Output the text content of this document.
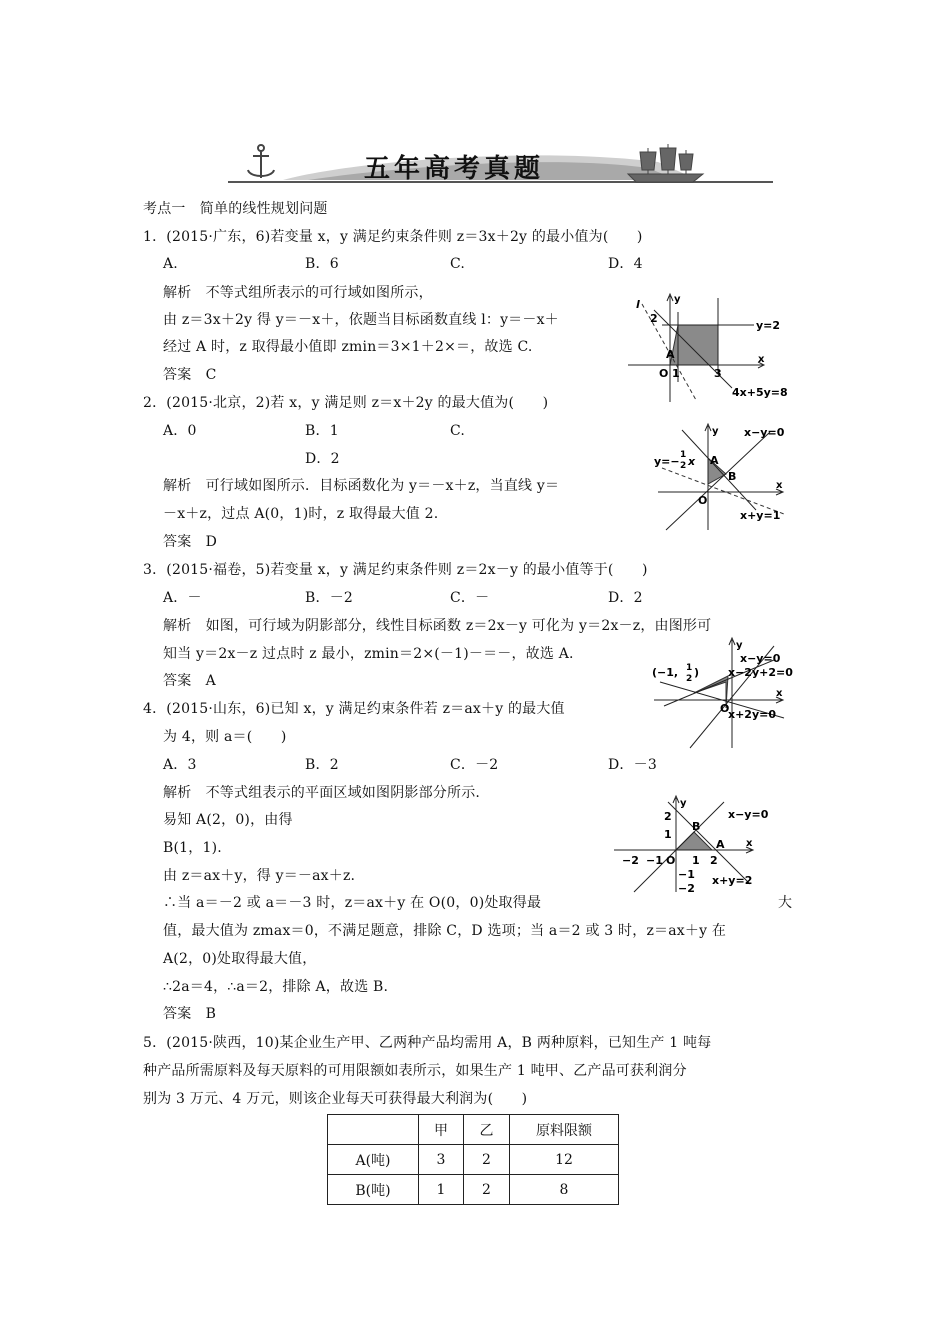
五年高考真题
考点一　简单的线性规划问题
1．(2015·广东，6)若变量 x，y 满足约束条件则 z＝3x＋2y 的最小值为(　　)
A.	B．6	C.	D．4
解析　不等式组所表示的可行域如图所示，
由 z＝3x＋2y 得 y＝－x＋，依题当目标函数直线 l：y＝－x＋
经过 A 时，z 取得最小值即 zmin＝3×1＋2×＝，故选 C.
答案　C
y
l
2
y=2
A
O 1	3
x
4x+5y=8
2．(2015·北京，2)若 x，y 满足则 z＝x＋2y 的最大值为(　　)
A．0	B．1	C.
D．2
解析　可行域如图所示．目标函数化为 y＝－x＋z，当直线 y＝
－x＋z，过点 A(0，1)时，z 取得最大值 2.
答案　D
y x−y=0
y=− 1
2 x A
B
O
x
x+y=1
3．(2015·福卷，5)若变量 x，y 满足约束条件则 z＝2x－y 的最小值等于(　　)
A．－	B．－2	C．－	D．2
解析　如图，可行域为阴影部分，线性目标函数 z＝2x－y 可化为 y＝2x－z，由图形可
知当 y＝2x－z 过点时 z 最小，zmin＝2×(－1)－＝－，故选 A.
答案　A
y
x−y=0
(−1, 1
2 )	x−2y+2=0
O
x
x+2y=0
4．(2015·山东，6)已知 x，y 满足约束条件若 z＝ax＋y 的最大值
为 4，则 a＝(　　)
A．3	B．2	C．－2	D．－3
解析　不等式组表示的平面区域如图阴影部分所示.
易知 A(2，0)，由得
B(1，1).
由 z＝ax＋y，得 y＝－ax＋z.
∴当 a＝－2 或 a＝－3 时，z＝ax＋y 在 O(0，0)处取得最	大
值，最大值为 zmax＝0，不满足题意，排除 C，D 选项；当 a＝2 或 3 时，z＝ax＋y 在
A(2，0)处取得最大值，
∴2a＝4，∴a＝2，排除 A，故选 B.
答案　B
y
2
1
B
x−y=0
−2 −1 O 1 2
A x
−1
−2
x+y=2
5．(2015·陕西，10)某企业生产甲、乙两种产品均需用 A，B 两种原料，已知生产 1 吨每
种产品所需原料及每天原料的可用限额如表所示，如果生产 1 吨甲、乙产品可获利润分
别为 3 万元、4 万元，则该企业每天可获得最大利润为(　　)
	甲	乙	原料限额
A(吨)	3	2	12
B(吨)	1	2	8
